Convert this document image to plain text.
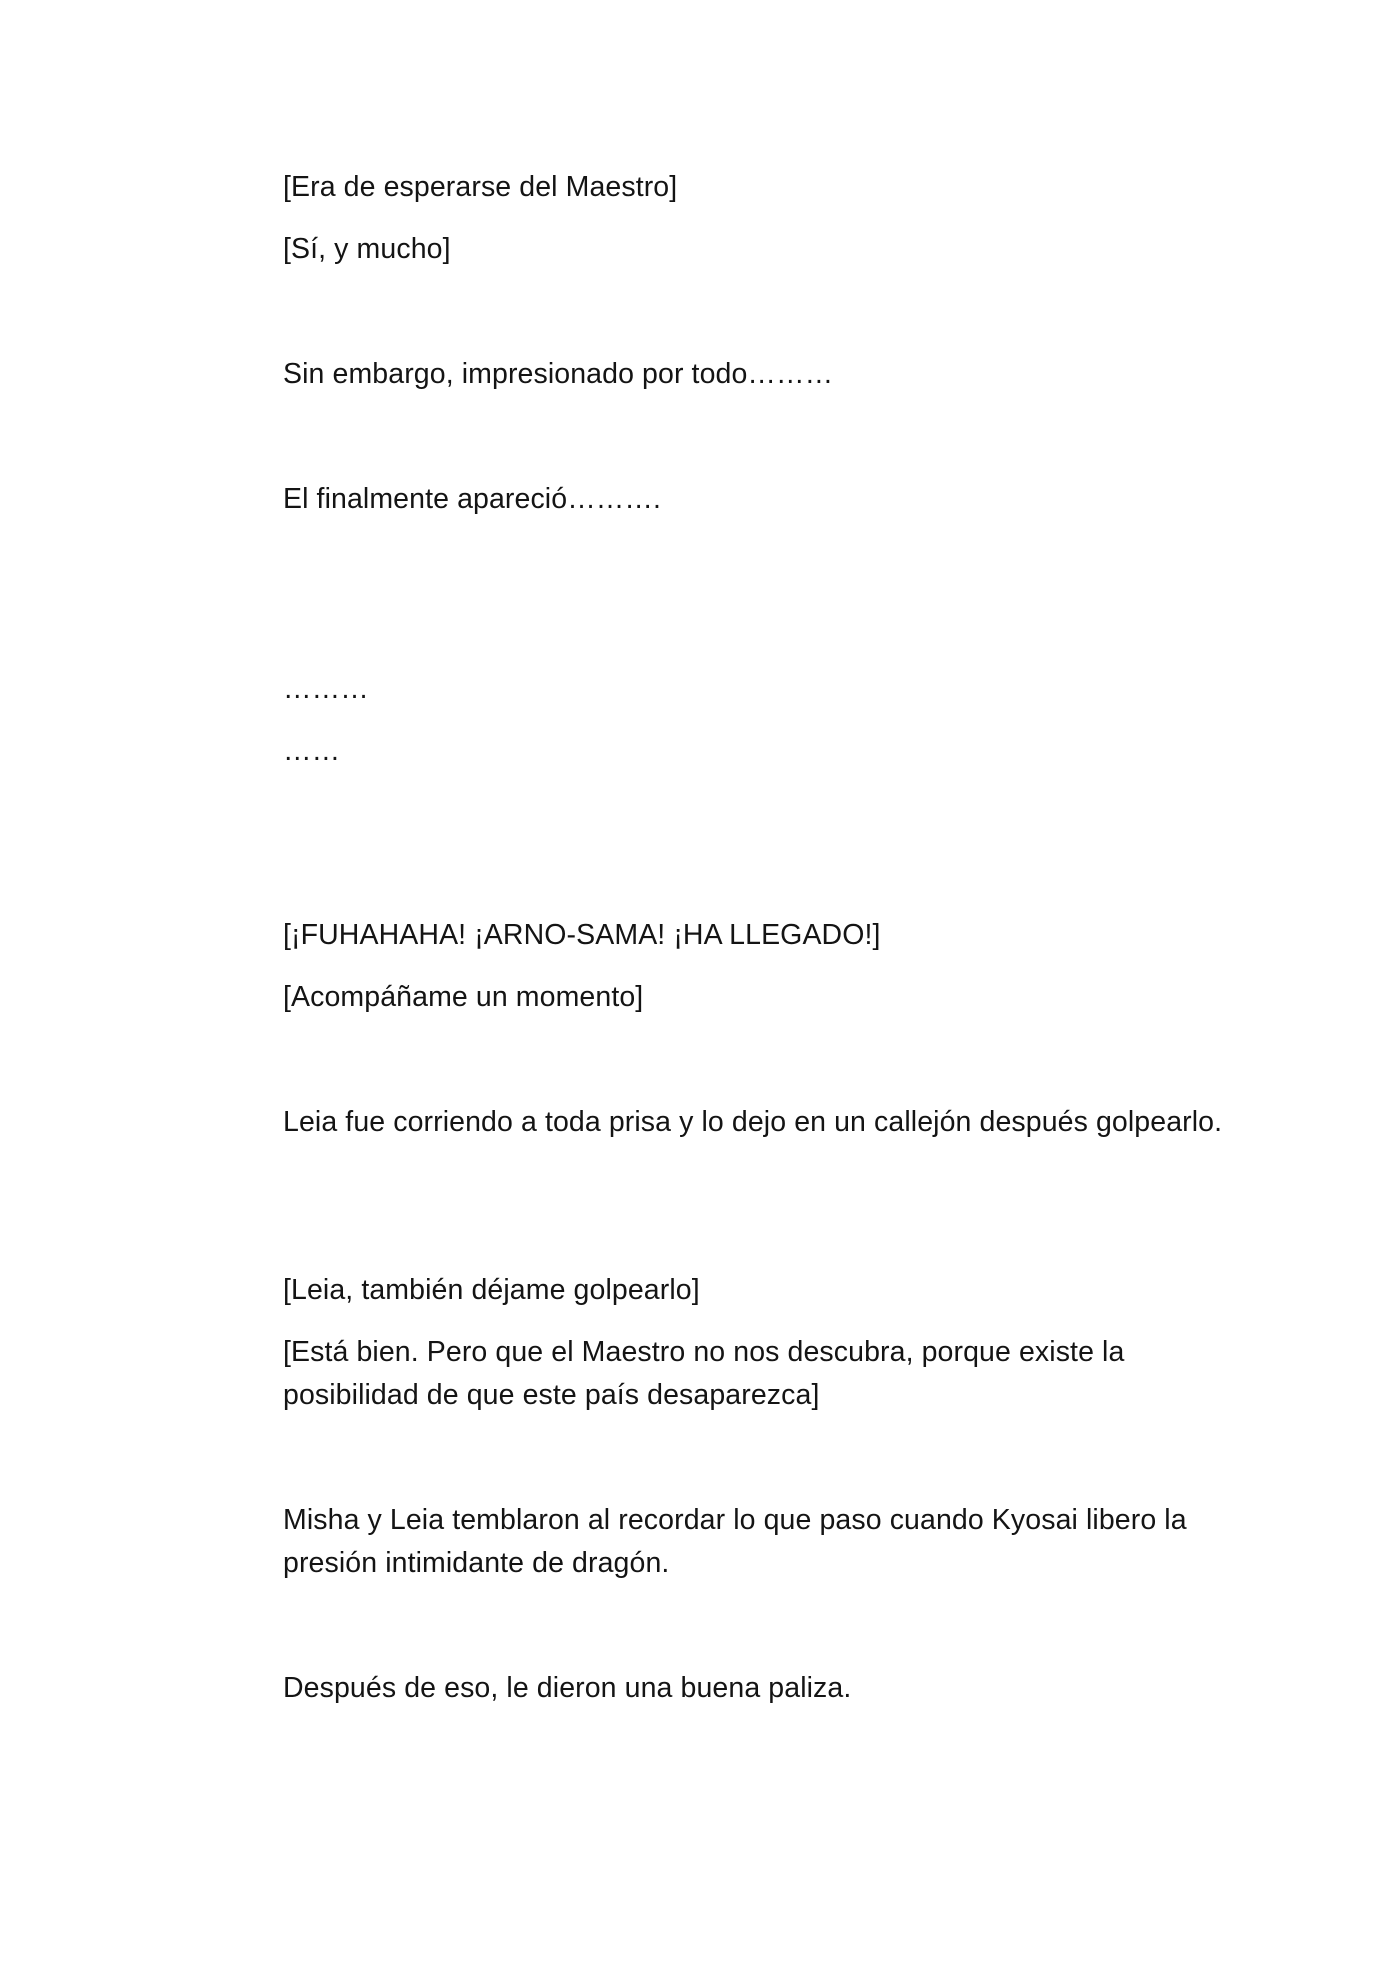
[Era de esperarse del Maestro]
[Sí, y mucho]
Sin embargo, impresionado por todo………
El finalmente apareció……….
………
……
[¡FUHAHAHA! ¡ARNO-SAMA! ¡HA LLEGADO!]
[Acompáñame un momento]
Leia fue corriendo a toda prisa y lo dejo en un callejón después golpearlo.
[Leia, también déjame golpearlo]
[Está bien. Pero que el Maestro no nos descubra, porque existe la posibilidad de que este país desaparezca]
Misha y Leia temblaron al recordar lo que paso cuando Kyosai libero la presión intimidante de dragón.
Después de eso, le dieron una buena paliza.
